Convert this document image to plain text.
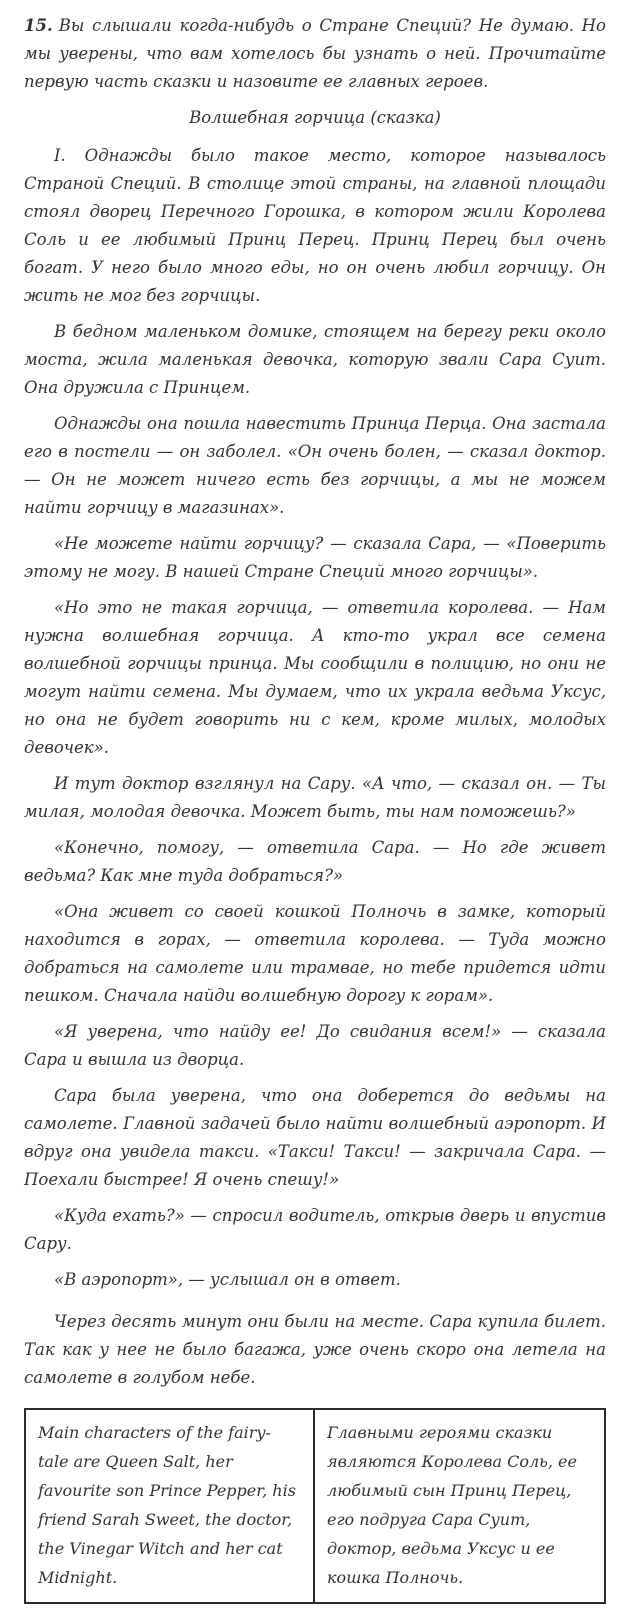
15. Вы слышали когда-нибудь о Стране Специй? Не думаю. Но мы уверены, что вам хотелось бы узнать о ней. Прочитайте первую часть сказки и назовите ее главных героев.

Волшебная горчица (сказка)

I. Однажды было такое место, которое называлось Страной Специй. В столице этой страны, на главной площади стоял дворец Перечного Горошка, в котором жили Королева Соль и ее любимый Принц Перец. Принц Перец был очень богат. У него было много еды, но он очень любил горчицу. Он жить не мог без горчицы.

В бедном маленьком домике, стоящем на берегу реки около моста, жила маленькая девочка, которую звали Сара Суит. Она дружила с Принцем.

Однажды она пошла навестить Принца Перца. Она застала его в постели — он заболел. «Он очень болен, — сказал доктор. — Он не может ничего есть без горчицы, а мы не можем найти горчицу в магазинах».

«Не можете найти горчицу? — сказала Сара, — «Поверить этому не могу. В нашей Стране Специй много горчицы».

«Но это не такая горчица, — ответила королева. — Нам нужна волшебная горчица. А кто-то украл все семена волшебной горчицы принца. Мы сообщили в полицию, но они не могут найти семена. Мы думаем, что их украла ведьма Уксус, но она не будет говорить ни с кем, кроме милых, молодых девочек».

И тут доктор взглянул на Сару. «А что, — сказал он. — Ты милая, молодая девочка. Может быть, ты нам поможешь?»

«Конечно, помогу, — ответила Сара. — Но где живет ведьма? Как мне туда добраться?»

«Она живет со своей кошкой Полночь в замке, который находится в горах, — ответила королева. — Туда можно добраться на самолете или трамвае, но тебе придется идти пешком. Сначала найди волшебную дорогу к горам».

«Я уверена, что найду ее! До свидания всем!» — сказала Сара и вышла из дворца.

Сара была уверена, что она доберется до ведьмы на самолете. Главной задачей было найти волшебный аэропорт. И вдруг она увидела такси. «Такси! Такси! — закричала Сара. — Поехали быстрее! Я очень спешу!»

«Куда ехать?» — спросил водитель, открыв дверь и впустив Сару.

«В аэропорт», — услышал он в ответ.

Через десять минут они были на месте. Сара купила билет. Так как у нее не было багажа, уже очень скоро она летела на самолете в голубом небе.

Main characters of the fairy-tale are Queen Salt, her favourite son Prince Pepper, his friend Sarah Sweet, the doctor, the Vinegar Witch and her cat Midnight.
Главными героями сказки являются Королева Соль, ее любимый сын Принц Перец, его подруга Сара Суит, доктор, ведьма Уксус и ее кошка Полночь.
